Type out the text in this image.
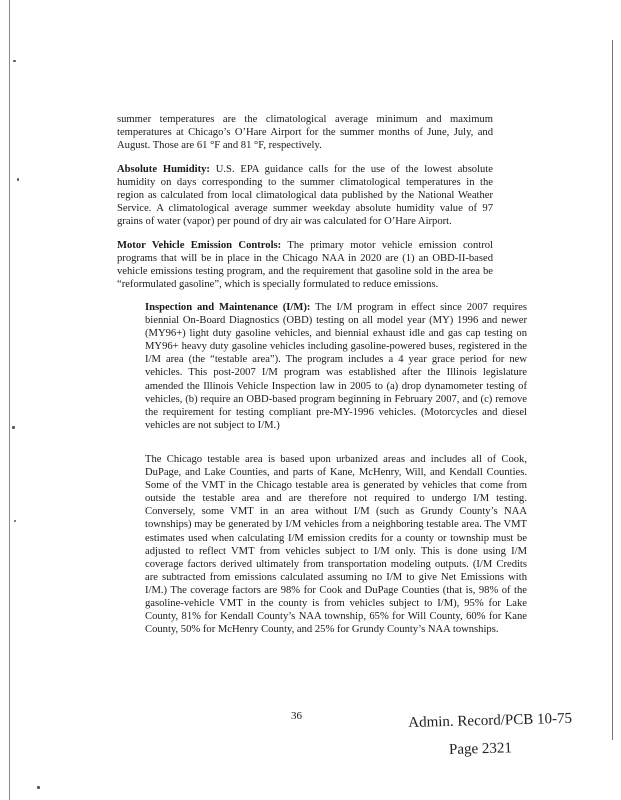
summer temperatures are the climatological average minimum and maximum temperatures at Chicago’s O’Hare Airport for the summer months of June, July, and August. Those are 61 °F and 81 °F, respectively.

Absolute Humidity: U.S. EPA guidance calls for the use of the lowest absolute humidity on days corresponding to the summer climatological temperatures in the region as calculated from local climatological data published by the National Weather Service. A climatological average summer weekday absolute humidity value of 97 grains of water (vapor) per pound of dry air was calculated for O’Hare Airport.

Motor Vehicle Emission Controls: The primary motor vehicle emission control programs that will be in place in the Chicago NAA in 2020 are (1) an OBD-II-based vehicle emissions testing program, and the requirement that gasoline sold in the area be “reformulated gasoline”, which is specially formulated to reduce emissions.

Inspection and Maintenance (I/M): The I/M program in effect since 2007 requires biennial On-Board Diagnostics (OBD) testing on all model year (MY) 1996 and newer (MY96+) light duty gasoline vehicles, and biennial exhaust idle and gas cap testing on MY96+ heavy duty gasoline vehicles including gasoline-powered buses, registered in the I/M area (the “testable area”). The program includes a 4 year grace period for new vehicles. This post-2007 I/M program was established after the Illinois legislature amended the Illinois Vehicle Inspection law in 2005 to (a) drop dynamometer testing of vehicles, (b) require an OBD-based program beginning in February 2007, and (c) remove the requirement for testing compliant pre-MY-1996 vehicles. (Motorcycles and diesel vehicles are not subject to I/M.)

The Chicago testable area is based upon urbanized areas and includes all of Cook, DuPage, and Lake Counties, and parts of Kane, McHenry, Will, and Kendall Counties. Some of the VMT in the Chicago testable area is generated by vehicles that come from outside the testable area and are therefore not required to undergo I/M testing. Conversely, some VMT in an area without I/M (such as Grundy County’s NAA townships) may be generated by I/M vehicles from a neighboring testable area. The VMT estimates used when calculating I/M emission credits for a county or township must be adjusted to reflect VMT from vehicles subject to I/M only. This is done using I/M coverage factors derived ultimately from transportation modeling outputs. (I/M Credits are subtracted from emissions calculated assuming no I/M to give Net Emissions with I/M.) The coverage factors are 98% for Cook and DuPage Counties (that is, 98% of the gasoline-vehicle VMT in the county is from vehicles subject to I/M), 95% for Lake County, 81% for Kendall County’s NAA township, 65% for Will County, 60% for Kane County, 50% for McHenry County, and 25% for Grundy County’s NAA townships.

36	Admin. Record/PCB 10-75
Page 2321
